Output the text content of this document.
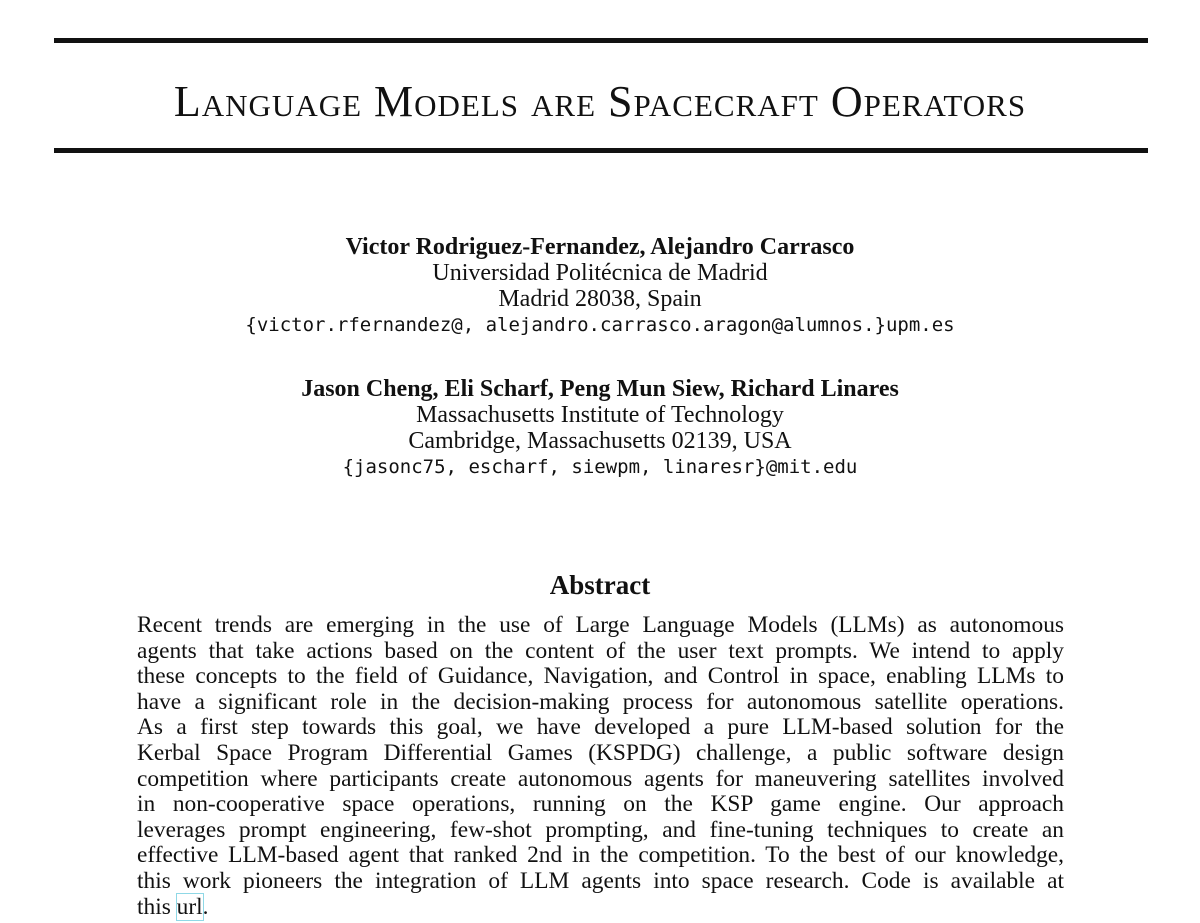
Language Models are Spacecraft Operators
Victor Rodriguez-Fernandez, Alejandro Carrasco
Universidad Politécnica de Madrid
Madrid 28038, Spain
{victor.rfernandez@, alejandro.carrasco.aragon@alumnos.}upm.es
Jason Cheng, Eli Scharf, Peng Mun Siew, Richard Linares
Massachusetts Institute of Technology
Cambridge, Massachusetts 02139, USA
{jasonc75, escharf, siewpm, linaresr}@mit.edu
Abstract
Recent trends are emerging in the use of Large Language Models (LLMs) as autonomous
agents that take actions based on the content of the user text prompts. We intend to apply
these concepts to the field of Guidance, Navigation, and Control in space, enabling LLMs to
have a significant role in the decision-making process for autonomous satellite operations.
As a first step towards this goal, we have developed a pure LLM-based solution for the
Kerbal Space Program Differential Games (KSPDG) challenge, a public software design
competition where participants create autonomous agents for maneuvering satellites involved
in non-cooperative space operations, running on the KSP game engine. Our approach
leverages prompt engineering, few-shot prompting, and fine-tuning techniques to create an
effective LLM-based agent that ranked 2nd in the competition. To the best of our knowledge,
this work pioneers the integration of LLM agents into space research. Code is available at
this url.
